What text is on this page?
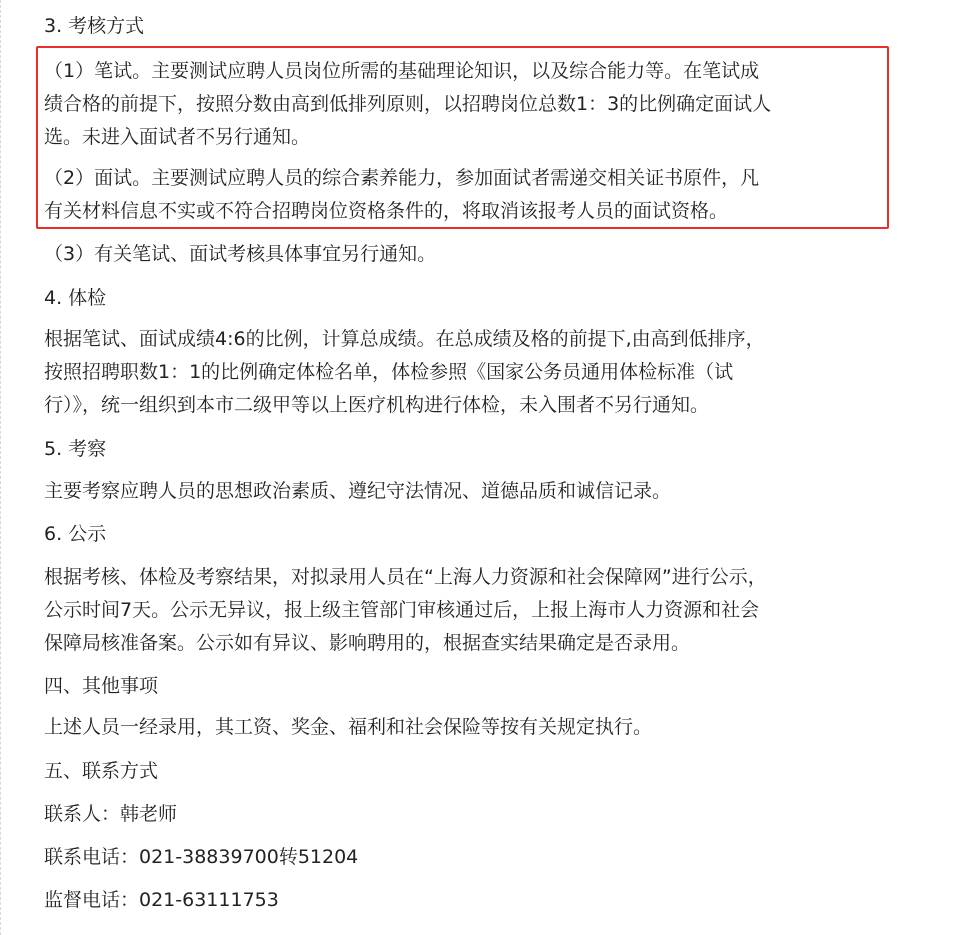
3. 考核方式
（1）笔试。主要测试应聘人员岗位所需的基础理论知识，以及综合能力等。在笔试成
绩合格的前提下，按照分数由高到低排列原则，以招聘岗位总数1：3的比例确定面试人
选。未进入面试者不另行通知。
（2）面试。主要测试应聘人员的综合素养能力，参加面试者需递交相关证书原件，凡
有关材料信息不实或不符合招聘岗位资格条件的，将取消该报考人员的面试资格。
（3）有关笔试、面试考核具体事宜另行通知。
4. 体检
根据笔试、面试成绩4:6的比例，计算总成绩。在总成绩及格的前提下,由高到低排序，
按照招聘职数1：1的比例确定体检名单，体检参照《国家公务员通用体检标准（试
行）》，统一组织到本市二级甲等以上医疗机构进行体检，未入围者不另行通知。
5. 考察
主要考察应聘人员的思想政治素质、遵纪守法情况、道德品质和诚信记录。
6. 公示
根据考核、体检及考察结果，对拟录用人员在“上海人力资源和社会保障网”进行公示，
公示时间7天。公示无异议，报上级主管部门审核通过后，上报上海市人力资源和社会
保障局核准备案。公示如有异议、影响聘用的，根据查实结果确定是否录用。
四、其他事项
上述人员一经录用，其工资、奖金、福利和社会保险等按有关规定执行。
五、联系方式
联系人：韩老师
联系电话：021-38839700转51204
监督电话：021-63111753
